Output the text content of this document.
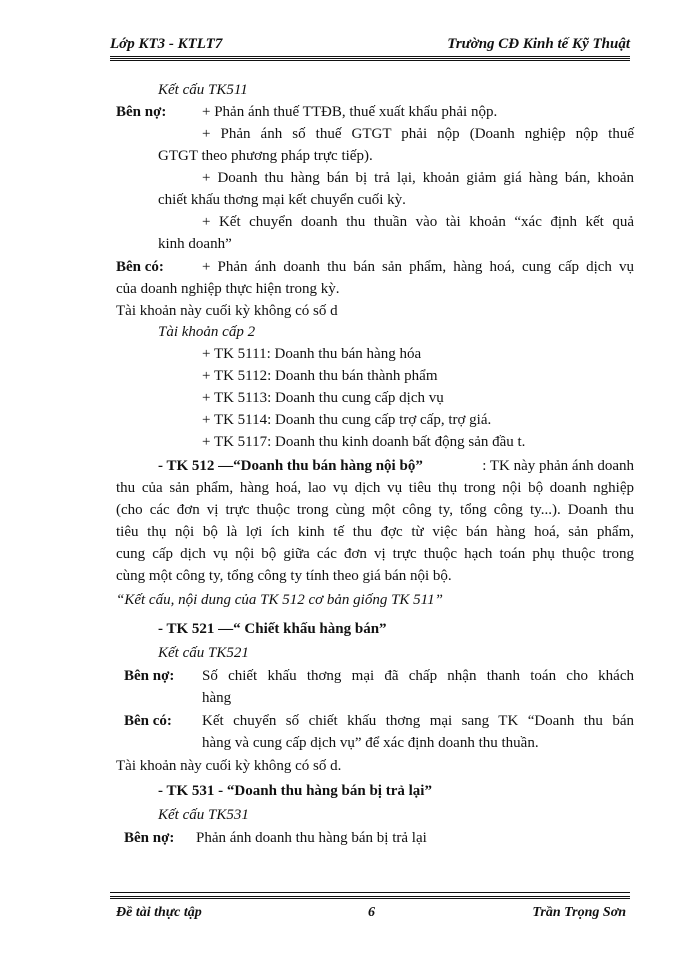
Lớp KT3 - KTLT7	Trường CĐ Kinh tế Kỹ Thuật
Kết cấu TK511
Bên nợ: + Phản ánh thuế TTĐB, thuế xuất khẩu phải nộp.
+ Phản ánh số thuế GTGT phải nộp (Doanh nghiệp nộp thuế
GTGT theo phương pháp trực tiếp).
+ Doanh thu hàng bán bị trả lại, khoản giảm giá hàng bán, khoản
chiết khấu thơng mại kết chuyển cuối kỳ.
+ Kết chuyển doanh thu thuần vào tài khoản “xác định kết quả
kinh doanh”
Bên có:	+ Phản ánh doanh thu bán sản phẩm, hàng hoá, cung cấp dịch vụ
của doanh nghiệp thực hiện trong kỳ.
Tài khoản này cuối kỳ không có số d
Tài khoản cấp 2
+ TK 5111: Doanh thu bán hàng hóa
+ TK 5112: Doanh thu bán thành phẩm
+ TK 5113: Doanh thu cung cấp dịch vụ
+ TK 5114: Doanh thu cung cấp trợ cấp, trợ giá.
+ TK 5117: Doanh thu kinh doanh bất động sản đầu t.
- TK 512 —“Doanh thu bán hàng nội bộ”	: TK này phản ánh doanh
thu của sản phẩm, hàng hoá, lao vụ dịch vụ tiêu thụ trong nội bộ doanh nghiệp
(cho các đơn vị trực thuộc trong cùng một công ty, tổng công ty...). Doanh thu
tiêu thụ nội bộ là lợi ích kinh tế thu đợc từ việc bán hàng hoá, sản phẩm,
cung cấp dịch vụ nội bộ giữa các đơn vị trực thuộc hạch toán phụ thuộc trong
cùng một công ty, tổng công ty tính theo giá bán nội bộ.
“Kết cấu, nội dung của TK 512 cơ bản giống TK 511”
- TK 521 —“ Chiết khấu hàng bán”
Kết cấu TK521
Bên nợ: Số chiết khấu thơng mại đã chấp nhận thanh toán cho khách
hàng
Bên có: Kết chuyển số chiết khấu thơng mại sang TK “Doanh thu bán
hàng và cung cấp dịch vụ” để xác định doanh thu thuần.
Tài khoản này cuối kỳ không có số d.
- TK 531 - “Doanh thu hàng bán bị trả lại”
Kết cấu TK531
Bên nợ: Phản ánh doanh thu hàng bán bị trả lại
Đề tài thực tập	6	Trần Trọng Sơn
